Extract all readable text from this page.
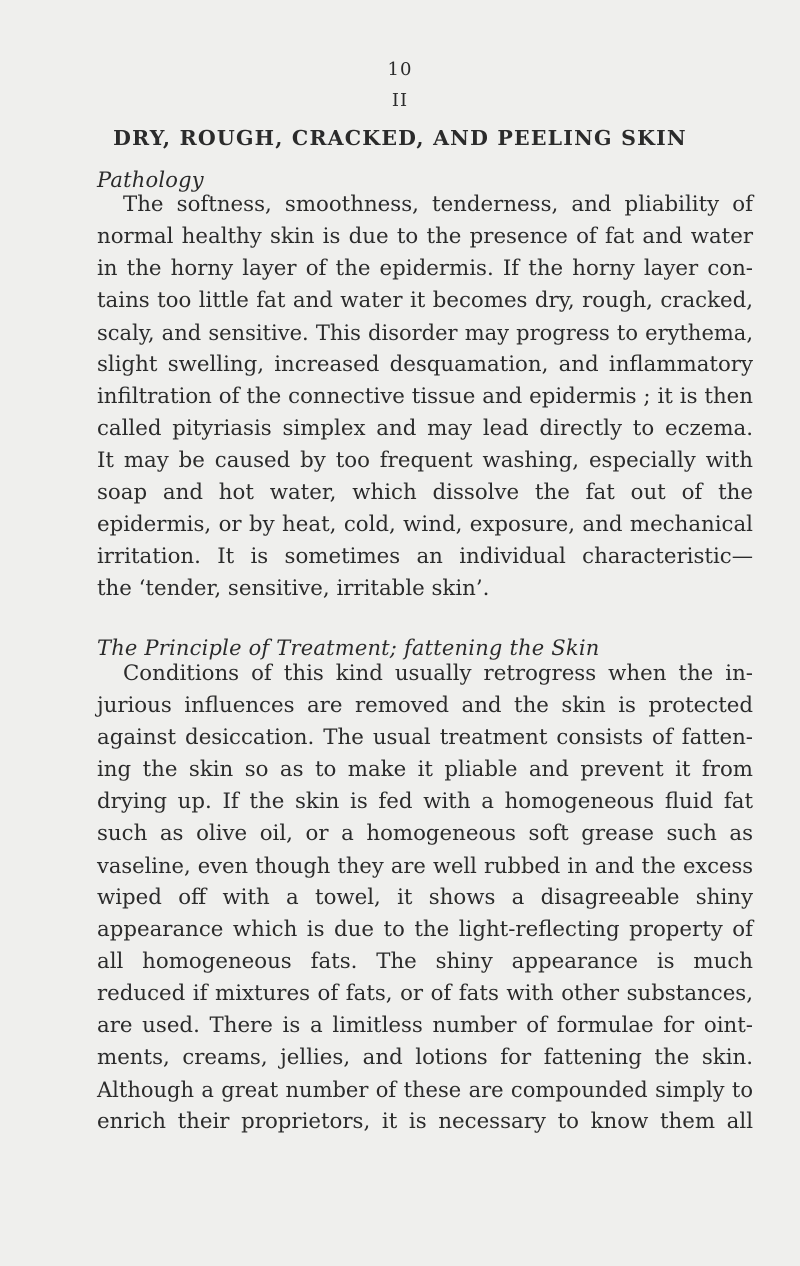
10
II
DRY, ROUGH, CRACKED, AND PEELING SKIN
Pathology
The softness, smoothness, tenderness, and pliability of
normal healthy skin is due to the presence of fat and water
in the horny layer of the epidermis. If the horny layer con-
tains too little fat and water it becomes dry, rough, cracked,
scaly, and sensitive. This disorder may progress to erythema,
slight swelling, increased desquamation, and inflammatory
infiltration of the connective tissue and epidermis ; it is then
called pityriasis simplex and may lead directly to eczema.
It may be caused by too frequent washing, especially with
soap and hot water, which dissolve the fat out of the
epidermis, or by heat, cold, wind, exposure, and mechanical
irritation. It is sometimes an individual characteristic—
the ‘tender, sensitive, irritable skin’.
The Principle of Treatment; fattening the Skin
Conditions of this kind usually retrogress when the in-
jurious influences are removed and the skin is protected
against desiccation. The usual treatment consists of fatten-
ing the skin so as to make it pliable and prevent it from
drying up. If the skin is fed with a homogeneous fluid fat
such as olive oil, or a homogeneous soft grease such as
vaseline, even though they are well rubbed in and the excess
wiped off with a towel, it shows a disagreeable shiny
appearance which is due to the light-reflecting property of
all homogeneous fats. The shiny appearance is much
reduced if mixtures of fats, or of fats with other substances,
are used. There is a limitless number of formulae for oint-
ments, creams, jellies, and lotions for fattening the skin.
Although a great number of these are compounded simply to
enrich their proprietors, it is necessary to know them all
